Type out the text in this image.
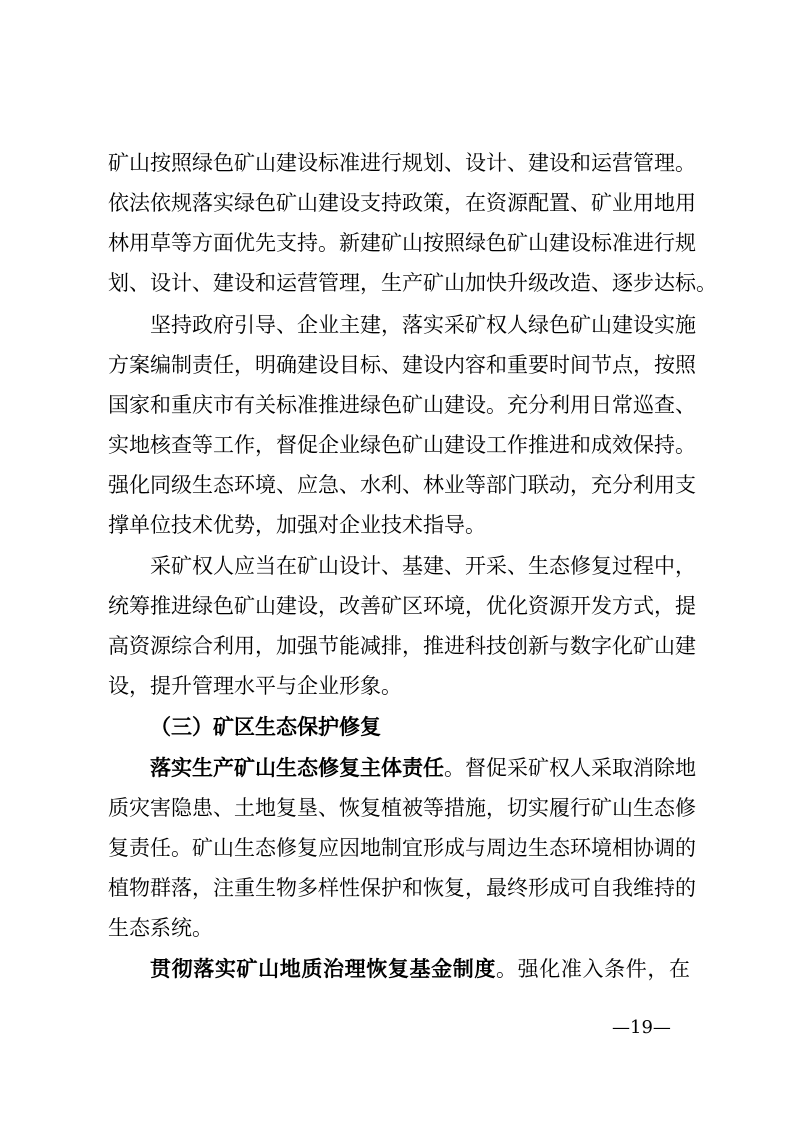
矿山按照绿色矿山建设标准进行规划、设计、建设和运营管理。
依法依规落实绿色矿山建设支持政策，在资源配置、矿业用地用
林用草等方面优先支持。新建矿山按照绿色矿山建设标准进行规
划、设计、建设和运营管理，生产矿山加快升级改造、逐步达标。
坚持政府引导、企业主建，落实采矿权人绿色矿山建设实施
方案编制责任，明确建设目标、建设内容和重要时间节点，按照
国家和重庆市有关标准推进绿色矿山建设。充分利用日常巡查、
实地核查等工作，督促企业绿色矿山建设工作推进和成效保持。
强化同级生态环境、应急、水利、林业等部门联动，充分利用支
撑单位技术优势，加强对企业技术指导。
采矿权人应当在矿山设计、基建、开采、生态修复过程中，
统筹推进绿色矿山建设，改善矿区环境，优化资源开发方式，提
高资源综合利用，加强节能减排，推进科技创新与数字化矿山建
设，提升管理水平与企业形象。
（三）矿区生态保护修复
落实生产矿山生态修复主体责任。督促采矿权人采取消除地
质灾害隐患、土地复垦、恢复植被等措施，切实履行矿山生态修
复责任。矿山生态修复应因地制宜形成与周边生态环境相协调的
植物群落，注重生物多样性保护和恢复，最终形成可自我维持的
生态系统。
贯彻落实矿山地质治理恢复基金制度。强化准入条件，在
—19—
